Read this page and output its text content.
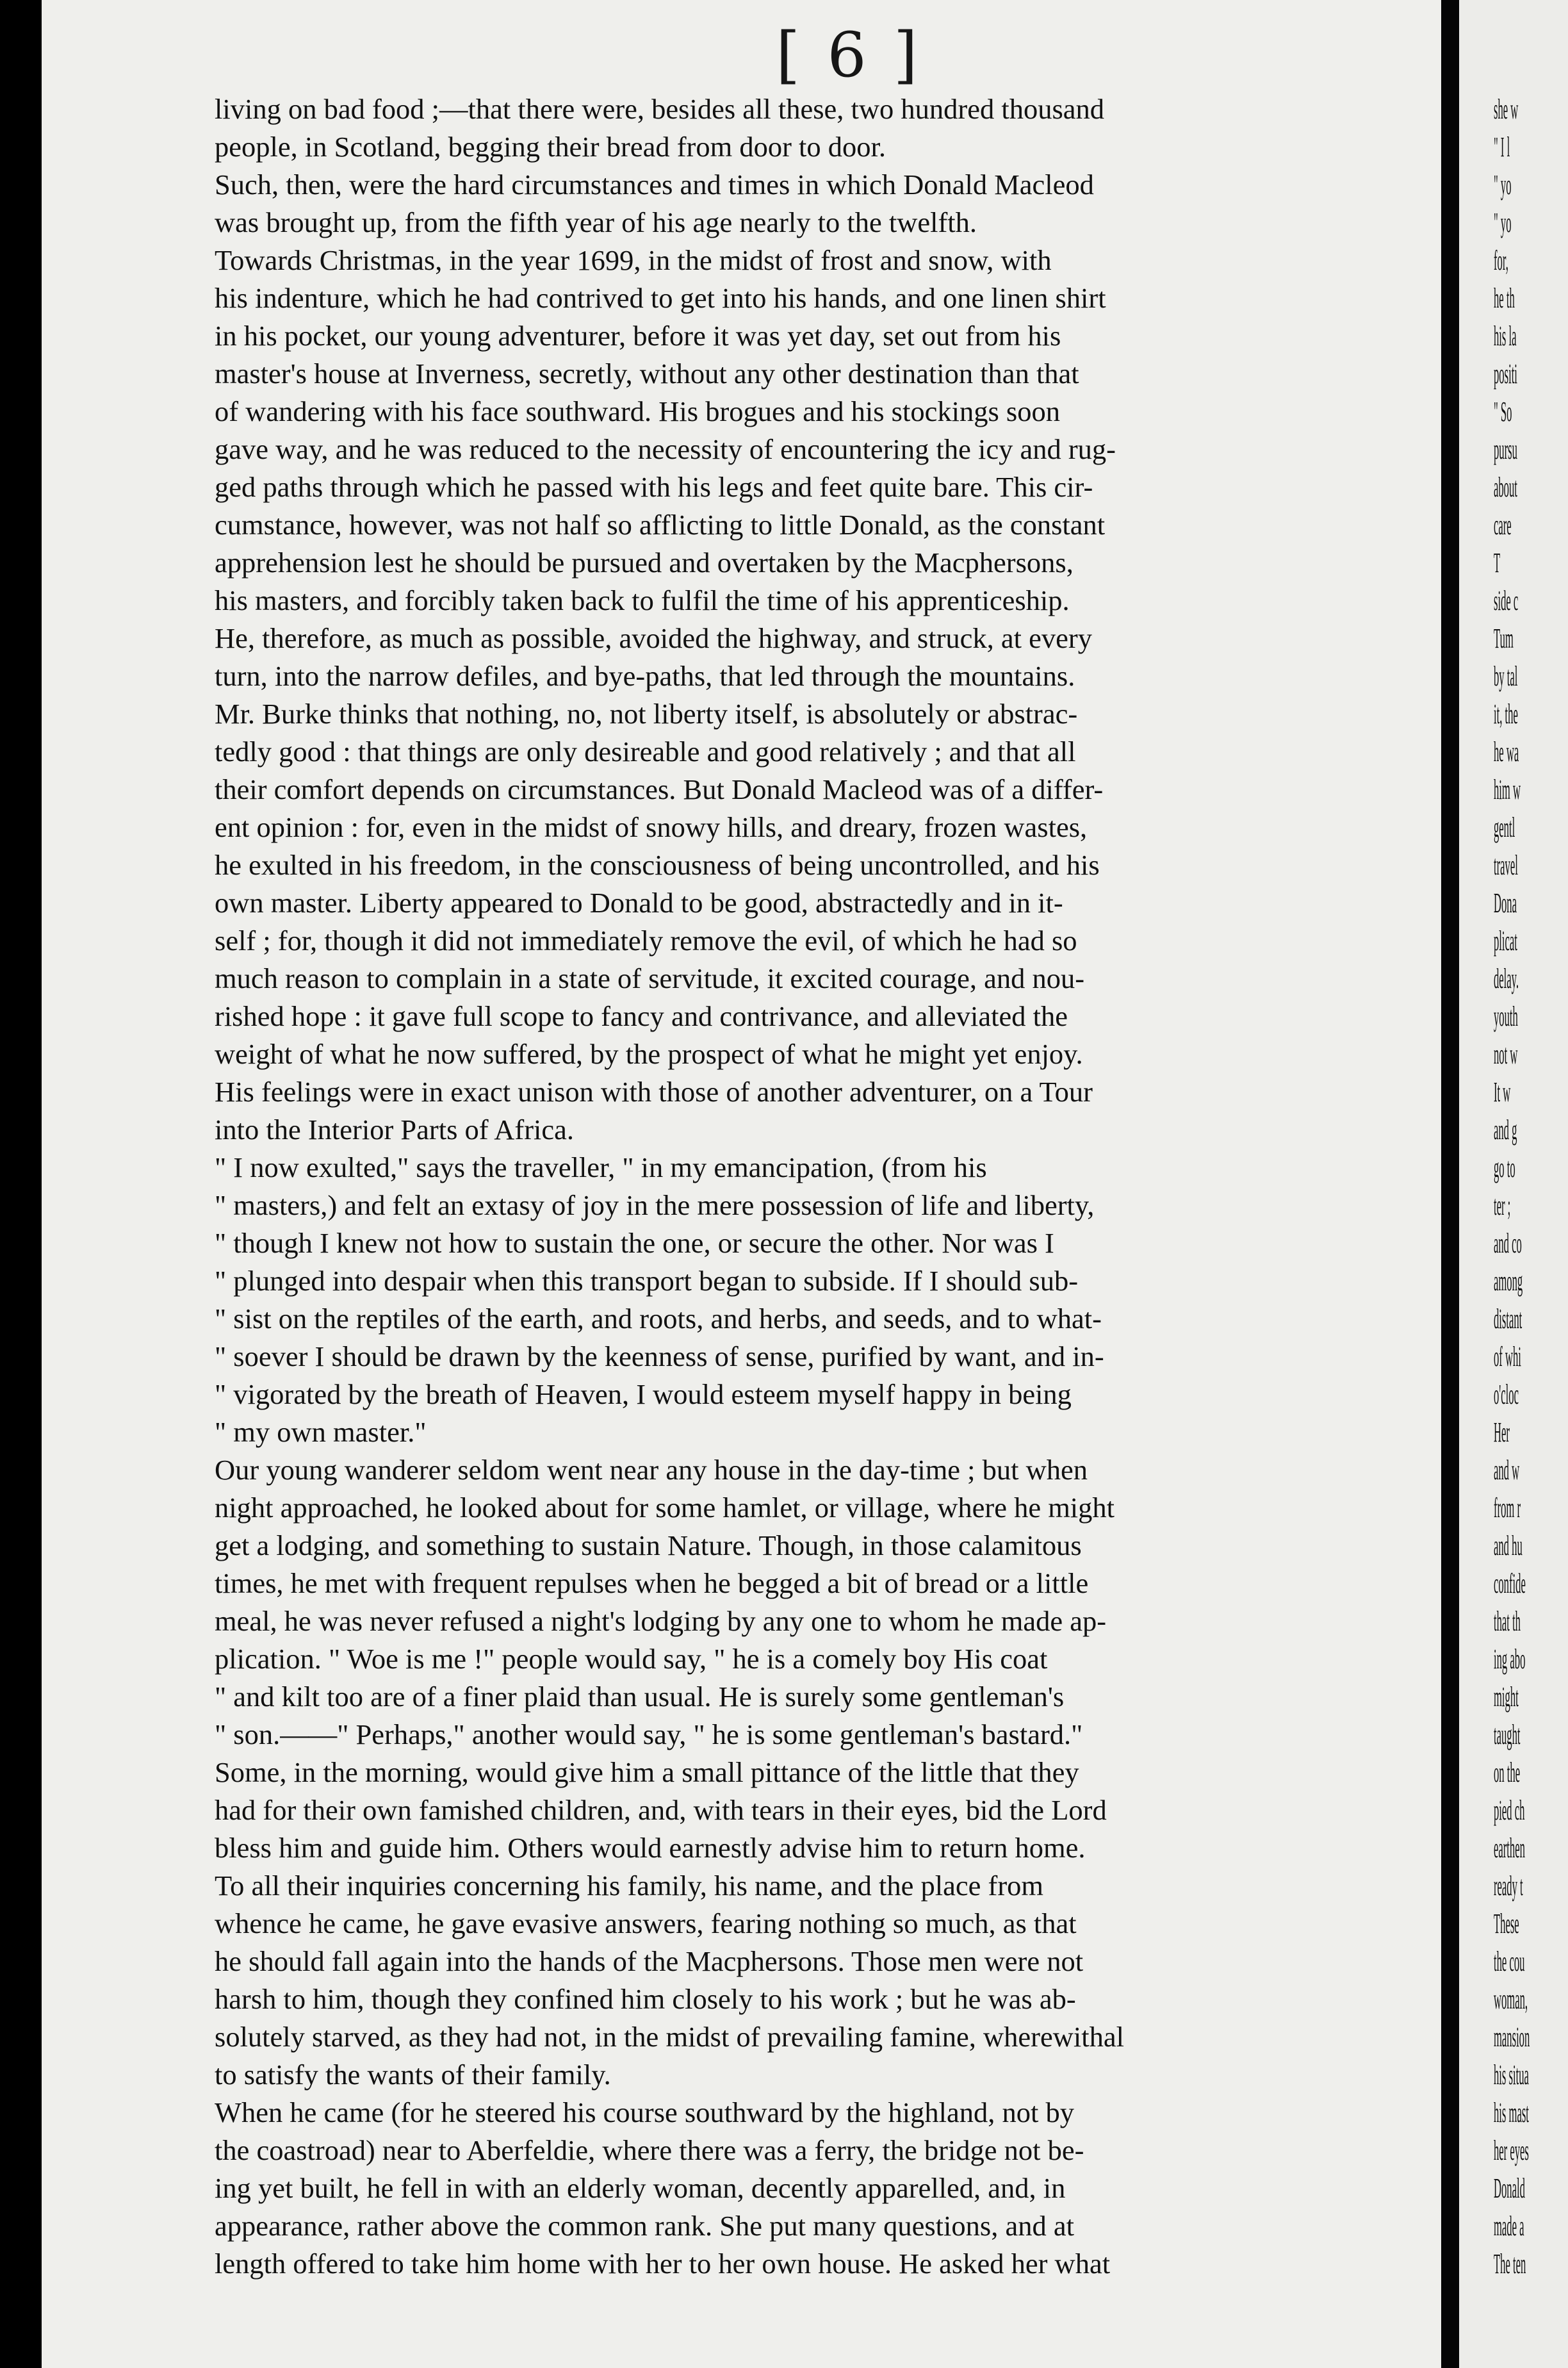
[ 6 ]
living on bad food ;—that there were, besides all these, two hundred thousand
people, in Scotland, begging their bread from door to door.
Such, then, were the hard circumstances and times in which Donald Macleod
was brought up, from the fifth year of his age nearly to the twelfth.
Towards Christmas, in the year 1699, in the midst of frost and snow, with
his indenture, which he had contrived to get into his hands, and one linen shirt
in his pocket, our young adventurer, before it was yet day, set out from his
master's house at Inverness, secretly, without any other destination than that
of wandering with his face southward. His brogues and his stockings soon
gave way, and he was reduced to the necessity of encountering the icy and rug-
ged paths through which he passed with his legs and feet quite bare. This cir-
cumstance, however, was not half so afflicting to little Donald, as the constant
apprehension lest he should be pursued and overtaken by the Macphersons,
his masters, and forcibly taken back to fulfil the time of his apprenticeship.
He, therefore, as much as possible, avoided the highway, and struck, at every
turn, into the narrow defiles, and bye-paths, that led through the mountains.
Mr. Burke thinks that nothing, no, not liberty itself, is absolutely or abstrac-
tedly good : that things are only desireable and good relatively ; and that all
their comfort depends on circumstances. But Donald Macleod was of a differ-
ent opinion : for, even in the midst of snowy hills, and dreary, frozen wastes,
he exulted in his freedom, in the consciousness of being uncontrolled, and his
own master. Liberty appeared to Donald to be good, abstractedly and in it-
self ; for, though it did not immediately remove the evil, of which he had so
much reason to complain in a state of servitude, it excited courage, and nou-
rished hope : it gave full scope to fancy and contrivance, and alleviated the
weight of what he now suffered, by the prospect of what he might yet enjoy.
His feelings were in exact unison with those of another adventurer, on a Tour
into the Interior Parts of Africa.
" I now exulted," says the traveller, " in my emancipation, (from his
" masters,) and felt an extasy of joy in the mere possession of life and liberty,
" though I knew not how to sustain the one, or secure the other. Nor was I
" plunged into despair when this transport began to subside. If I should sub-
" sist on the reptiles of the earth, and roots, and herbs, and seeds, and to what-
" soever I should be drawn by the keenness of sense, purified by want, and in-
" vigorated by the breath of Heaven, I would esteem myself happy in being
" my own master."
Our young wanderer seldom went near any house in the day-time ; but when
night approached, he looked about for some hamlet, or village, where he might
get a lodging, and something to sustain Nature. Though, in those calamitous
times, he met with frequent repulses when he begged a bit of bread or a little
meal, he was never refused a night's lodging by any one to whom he made ap-
plication. " Woe is me !" people would say, " he is a comely boy His coat
" and kilt too are of a finer plaid than usual. He is surely some gentleman's
" son.——" Perhaps," another would say, " he is some gentleman's bastard."
Some, in the morning, would give him a small pittance of the little that they
had for their own famished children, and, with tears in their eyes, bid the Lord
bless him and guide him. Others would earnestly advise him to return home.
To all their inquiries concerning his family, his name, and the place from
whence he came, he gave evasive answers, fearing nothing so much, as that
he should fall again into the hands of the Macphersons. Those men were not
harsh to him, though they confined him closely to his work ; but he was ab-
solutely starved, as they had not, in the midst of prevailing famine, wherewithal
to satisfy the wants of their family.
When he came (for he steered his course southward by the highland, not by
the coastroad) near to Aberfeldie, where there was a ferry, the bridge not be-
ing yet built, he fell in with an elderly woman, decently apparelled, and, in
appearance, rather above the common rank. She put many questions, and at
length offered to take him home with her to her own house. He asked her what
she w
" I l
" yo
" yo
for,
he th
his la
positi
" So
pursu
about
care
T
side c
Tum
by tal
it, the
he wa
him w
gentl
travel
Dona
plicat
delay.
youth
not w
It w
and g
go to
ter ;
and co
among
distant
of whi
o'cloc
Her
and w
from r
and hu
confide
that th
ing abo
might
taught
on the
pied ch
earthen
ready t
These
the cou
woman,
mansion
his situa
his mast
her eyes
Donald
made a
The ten
